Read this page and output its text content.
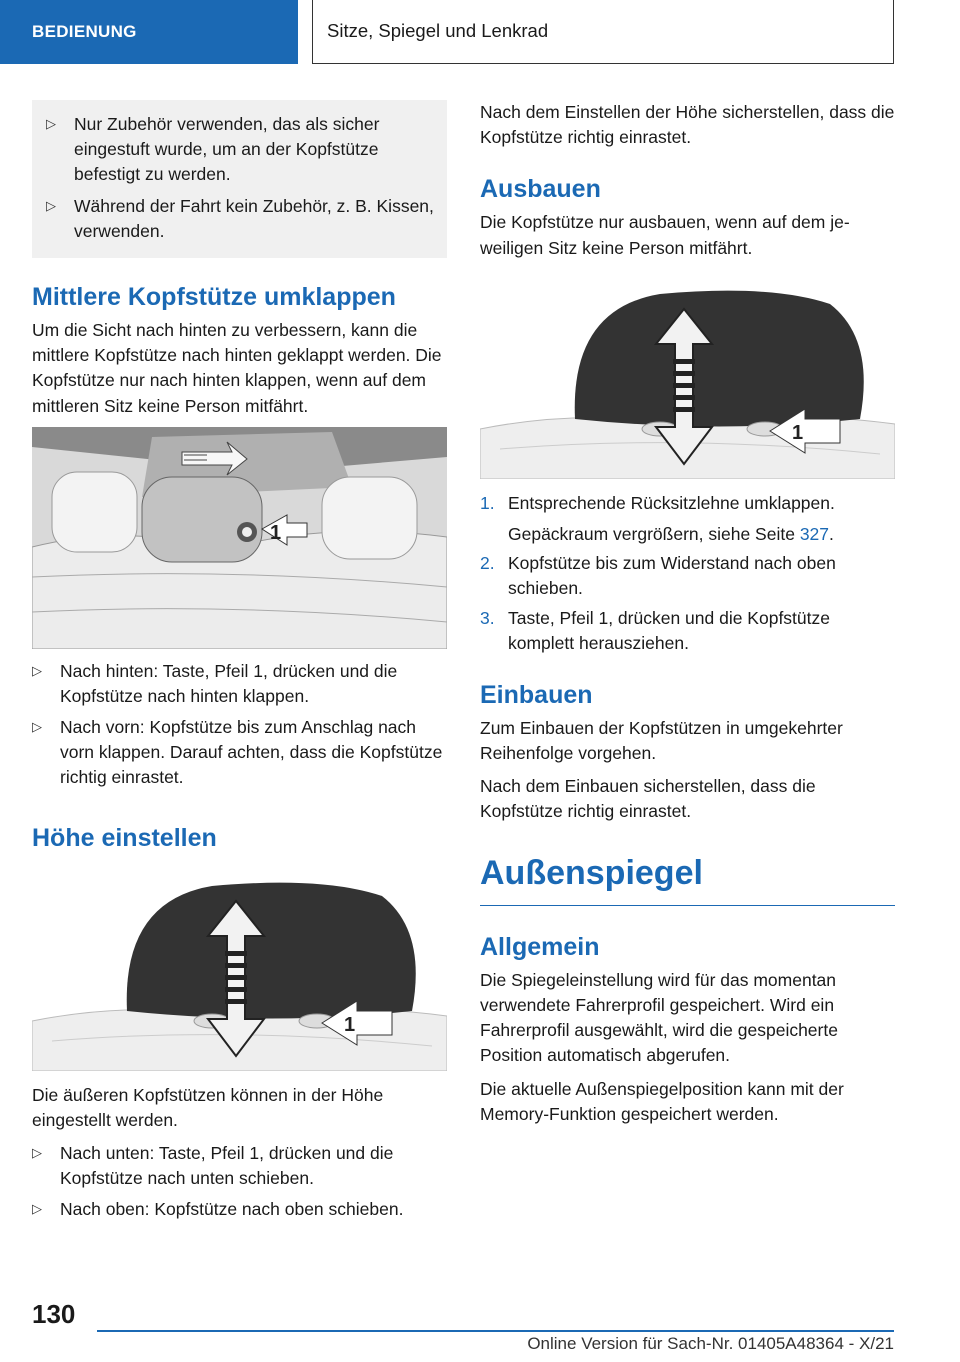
BEDIENUNG	Sitze, Spiegel und Lenkrad
▷	Nur Zubehör verwenden, das als sicher eingestuft wurde, um an der Kopfstütze befestigt zu werden.
▷	Während der Fahrt kein Zubehör, z. B. Kissen, verwenden.
Mittlere Kopfstütze umklappen

Um die Sicht nach hinten zu verbessern, kann die mittlere Kopfstütze nach hinten geklappt werden. Die Kopfstütze nur nach hinten klappen, wenn auf dem mittleren Sitz keine Person mitfährt.

1
▷	Nach hinten: Taste, Pfeil 1, drücken und die Kopfstütze nach hinten klappen.
▷	Nach vorn: Kopfstütze bis zum Anschlag nach vorn klappen. Darauf achten, dass die Kopfstütze richtig einrastet.
Höhe einstellen
1

Die äußeren Kopfstützen können in der Höhe eingestellt werden.

▷	Nach unten: Taste, Pfeil 1, drücken und die Kopfstütze nach unten schieben.
▷	Nach oben: Kopfstütze nach oben schieben.

Nach dem Einstellen der Höhe sicherstellen, dass die Kopfstütze richtig einrastet.

Ausbauen

Die Kopfstütze nur ausbauen, wenn auf dem jeweiligen Sitz keine Person mitfährt.

1
1. Entsprechende Rücksitzlehne umklappen.
Gepäckraum vergrößern, siehe Seite 327.
2. Kopfstütze bis zum Widerstand nach oben schieben.
3. Taste, Pfeil 1, drücken und die Kopfstütze komplett herausziehen.
Einbauen

Zum Einbauen der Kopfstützen in umgekehrter Reihenfolge vorgehen.

Nach dem Einbauen sicherstellen, dass die Kopfstütze richtig einrastet.

Außenspiegel
Allgemein

Die Spiegeleinstellung wird für das momentan verwendete Fahrerprofil gespeichert. Wird ein Fahrerprofil ausgewählt, wird die gespeicherte Position automatisch abgerufen.

Die aktuelle Außenspiegelposition kann mit der Memory-Funktion gespeichert werden.

130
Online Version für Sach-Nr. 01405A48364 - X/21
